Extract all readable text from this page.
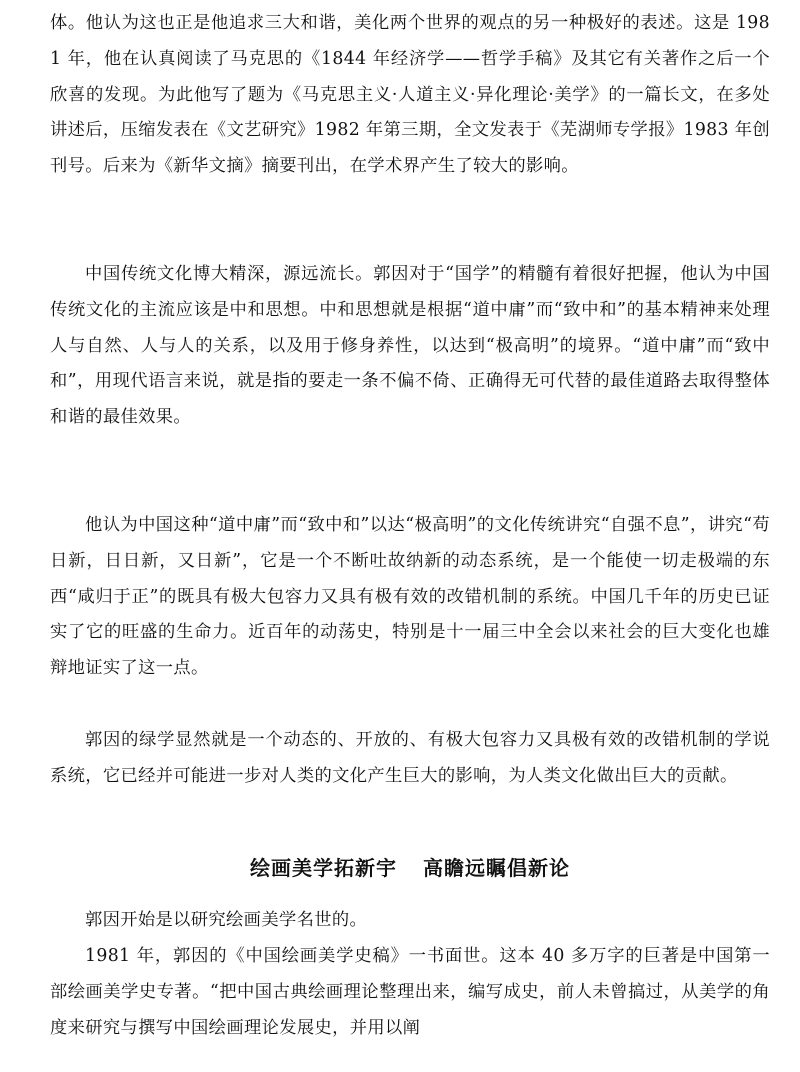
体。他认为这也正是他追求三大和谐，美化两个世界的观点的另一种极好的表述。这是 1981 年，他在认真阅读了马克思的《1844 年经济学——哲学手稿》及其它有关著作之后一个欣喜的发现。为此他写了题为《马克思主义·人道主义·异化理论·美学》的一篇长文，在多处讲述后，压缩发表在《文艺研究》1982 年第三期，全文发表于《芜湖师专学报》1983 年创刊号。后来为《新华文摘》摘要刊出，在学术界产生了较大的影响。

中国传统文化博大精深，源远流长。郭因对于“国学”的精髓有着很好把握，他认为中国传统文化的主流应该是中和思想。中和思想就是根据“道中庸”而“致中和”的基本精神来处理人与自然、人与人的关系，以及用于修身养性，以达到“极高明”的境界。“道中庸”而“致中和”，用现代语言来说，就是指的要走一条不偏不倚、正确得无可代替的最佳道路去取得整体和谐的最佳效果。

他认为中国这种“道中庸”而“致中和”以达“极高明”的文化传统讲究“自强不息”，讲究“苟日新，日日新，又日新”，它是一个不断吐故纳新的动态系统，是一个能使一切走极端的东西“咸归于正”的既具有极大包容力又具有极有效的改错机制的系统。中国几千年的历史已证实了它的旺盛的生命力。近百年的动荡史，特别是十一届三中全会以来社会的巨大变化也雄辩地证实了这一点。

郭因的绿学显然就是一个动态的、开放的、有极大包容力又具极有效的改错机制的学说系统，它已经并可能进一步对人类的文化产生巨大的影响，为人类文化做出巨大的贡献。

绘画美学拓新宇 高瞻远瞩倡新论

郭因开始是以研究绘画美学名世的。

1981 年，郭因的《中国绘画美学史稿》一书面世。这本 40 多万字的巨著是中国第一部绘画美学史专著。“把中国古典绘画理论整理出来，编写成史，前人未曾搞过，从美学的角度来研究与撰写中国绘画理论发展史，并用以阐
